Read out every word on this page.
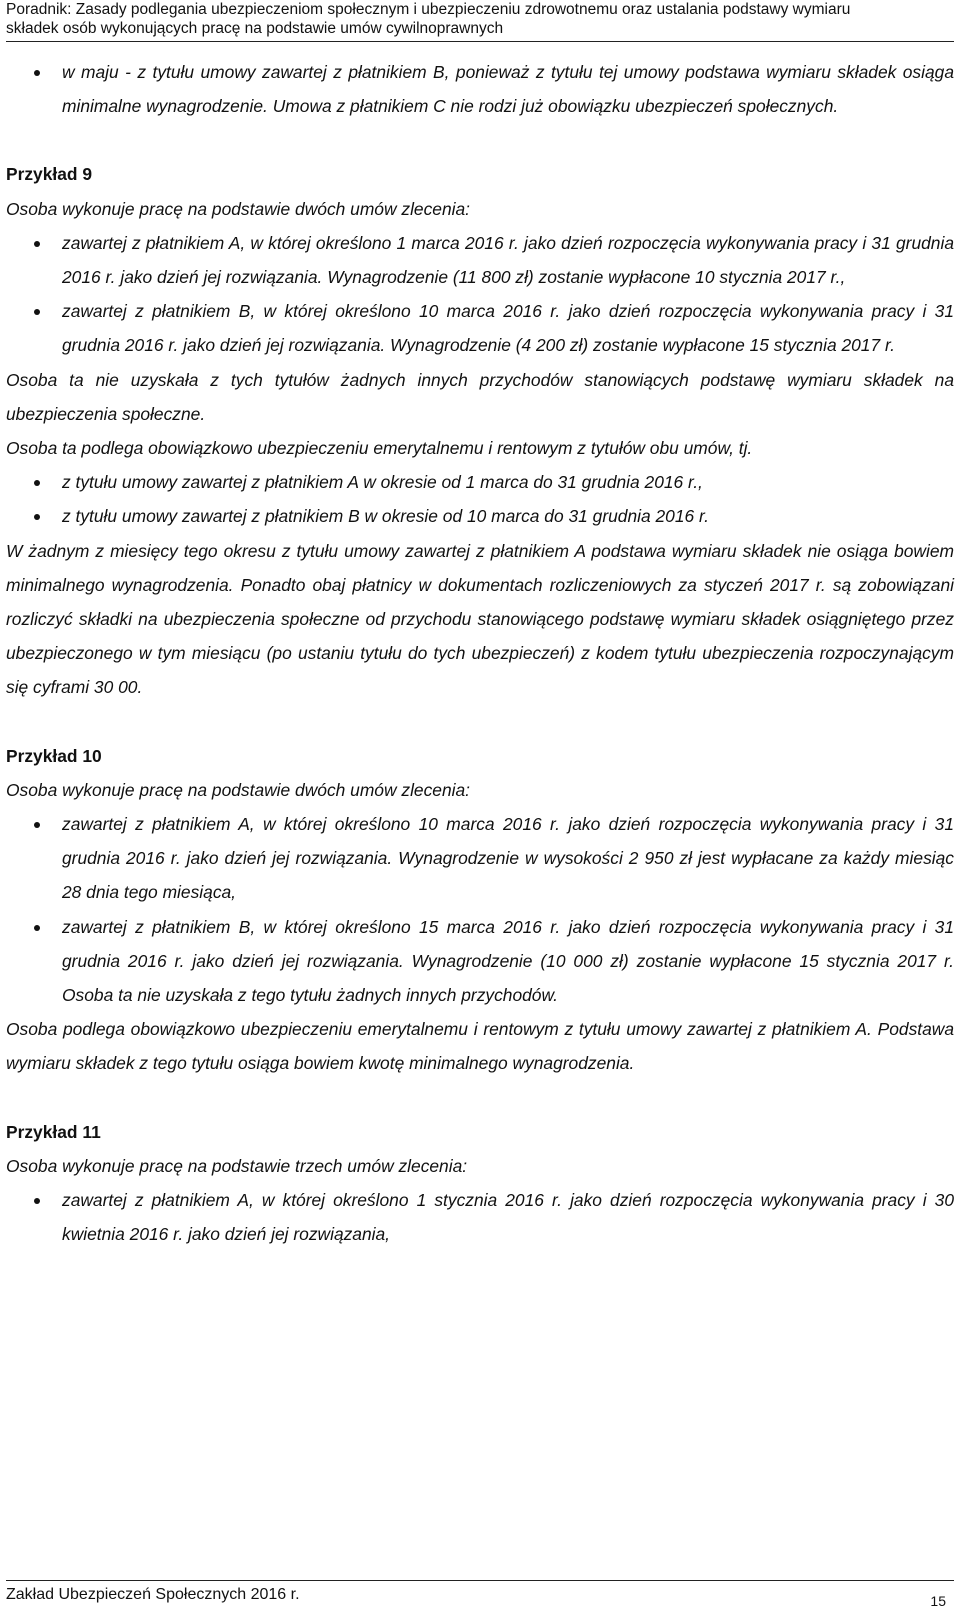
Poradnik: Zasady podlegania ubezpieczeniom społecznym i ubezpieczeniu zdrowotnemu oraz ustalania podstawy wymiaru
składek osób wykonujących pracę na podstawie umów cywilnoprawnych
w maju - z tytułu umowy zawartej z płatnikiem B, ponieważ z tytułu tej umowy podstawa wymiaru składek osiąga minimalne wynagrodzenie. Umowa z płatnikiem C nie rodzi już obowiązku ubezpieczeń społecznych.

Przykład 9

Osoba wykonuje pracę na podstawie dwóch umów zlecenia:

zawartej z płatnikiem A, w której określono 1 marca 2016 r. jako dzień rozpoczęcia wykonywania pracy i 31 grudnia 2016 r. jako dzień jej rozwiązania. Wynagrodzenie (11 800 zł) zostanie wypłacone 10 stycznia 2017 r.,
zawartej z płatnikiem B, w której określono 10 marca 2016 r. jako dzień rozpoczęcia wykonywania pracy i 31 grudnia 2016 r. jako dzień jej rozwiązania. Wynagrodzenie (4 200 zł) zostanie wypłacone 15 stycznia 2017 r.

Osoba ta nie uzyskała z tych tytułów żadnych innych przychodów stanowiących podstawę wymiaru składek na ubezpieczenia społeczne.

Osoba ta podlega obowiązkowo ubezpieczeniu emerytalnemu i rentowym z tytułów obu umów, tj.

z tytułu umowy zawartej z płatnikiem A w okresie od 1 marca do 31 grudnia 2016 r.,
z tytułu umowy zawartej z płatnikiem B w okresie od 10 marca do 31 grudnia 2016 r.

W żadnym z miesięcy tego okresu z tytułu umowy zawartej z płatnikiem A podstawa wymiaru składek nie osiąga bowiem minimalnego wynagrodzenia. Ponadto obaj płatnicy w dokumentach rozliczeniowych za styczeń 2017 r. są zobowiązani rozliczyć składki na ubezpieczenia społeczne od przychodu stanowiącego podstawę wymiaru składek osiągniętego przez ubezpieczonego w tym miesiącu (po ustaniu tytułu do tych ubezpieczeń) z kodem tytułu ubezpieczenia rozpoczynającym się cyframi 30 00.

Przykład 10

Osoba wykonuje pracę na podstawie dwóch umów zlecenia:

zawartej z płatnikiem A, w której określono 10 marca 2016 r. jako dzień rozpoczęcia wykonywania pracy i 31 grudnia 2016 r. jako dzień jej rozwiązania. Wynagrodzenie w wysokości 2 950 zł jest wypłacane za każdy miesiąc 28 dnia tego miesiąca,
zawartej z płatnikiem B, w której określono 15 marca 2016 r. jako dzień rozpoczęcia wykonywania pracy i 31 grudnia 2016 r. jako dzień jej rozwiązania. Wynagrodzenie (10 000 zł) zostanie wypłacone 15 stycznia 2017 r. Osoba ta nie uzyskała z tego tytułu żadnych innych przychodów.

Osoba podlega obowiązkowo ubezpieczeniu emerytalnemu i rentowym z tytułu umowy zawartej z płatnikiem A. Podstawa wymiaru składek z tego tytułu osiąga bowiem kwotę minimalnego wynagrodzenia.

Przykład 11

Osoba wykonuje pracę na podstawie trzech umów zlecenia:

zawartej z płatnikiem A, w której określono 1 stycznia 2016 r. jako dzień rozpoczęcia wykonywania pracy i 30 kwietnia 2016 r. jako dzień jej rozwiązania,
Zakład Ubezpieczeń Społecznych 2016 r.	15
